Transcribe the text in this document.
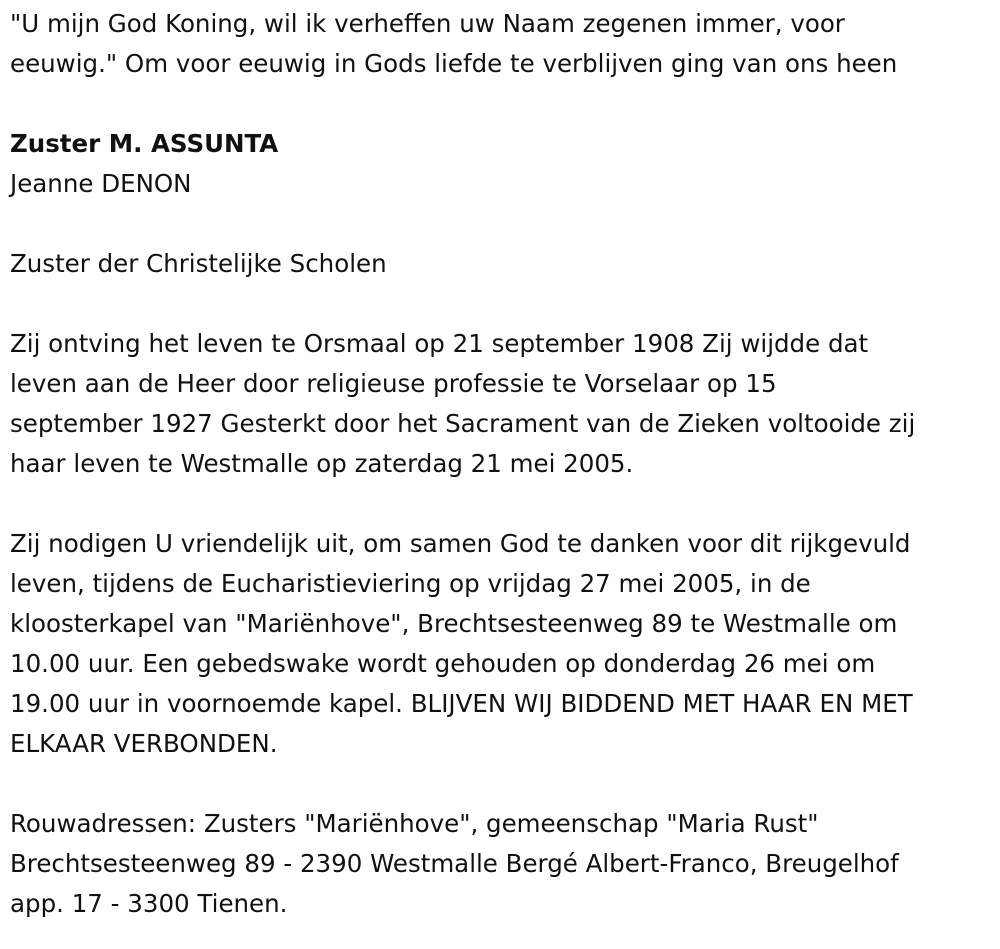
"U mijn God Koning, wil ik verheffen uw Naam zegenen immer, voor

eeuwig." Om voor eeuwig in Gods liefde te verblijven ging van ons heen

Zuster M. ASSUNTA

Jeanne DENON

Zuster der Christelijke Scholen

Zij ontving het leven te Orsmaal op 21 september 1908 Zij wijdde dat

leven aan de Heer door religieuse professie te Vorselaar op 15

september 1927 Gesterkt door het Sacrament van de Zieken voltooide zij

haar leven te Westmalle op zaterdag 21 mei 2005.

Zij nodigen U vriendelijk uit, om samen God te danken voor dit rijkgevuld

leven, tijdens de Eucharistieviering op vrijdag 27 mei 2005, in de

kloosterkapel van "Mariënhove", Brechtsesteenweg 89 te Westmalle om

10.00 uur. Een gebedswake wordt gehouden op donderdag 26 mei om

19.00 uur in voornoemde kapel. BLIJVEN WIJ BIDDEND MET HAAR EN MET

ELKAAR VERBONDEN.

Rouwadressen: Zusters "Mariënhove", gemeenschap "Maria Rust"

Brechtsesteenweg 89 - 2390 Westmalle Bergé Albert-Franco, Breugelhof

app. 17 - 3300 Tienen.
